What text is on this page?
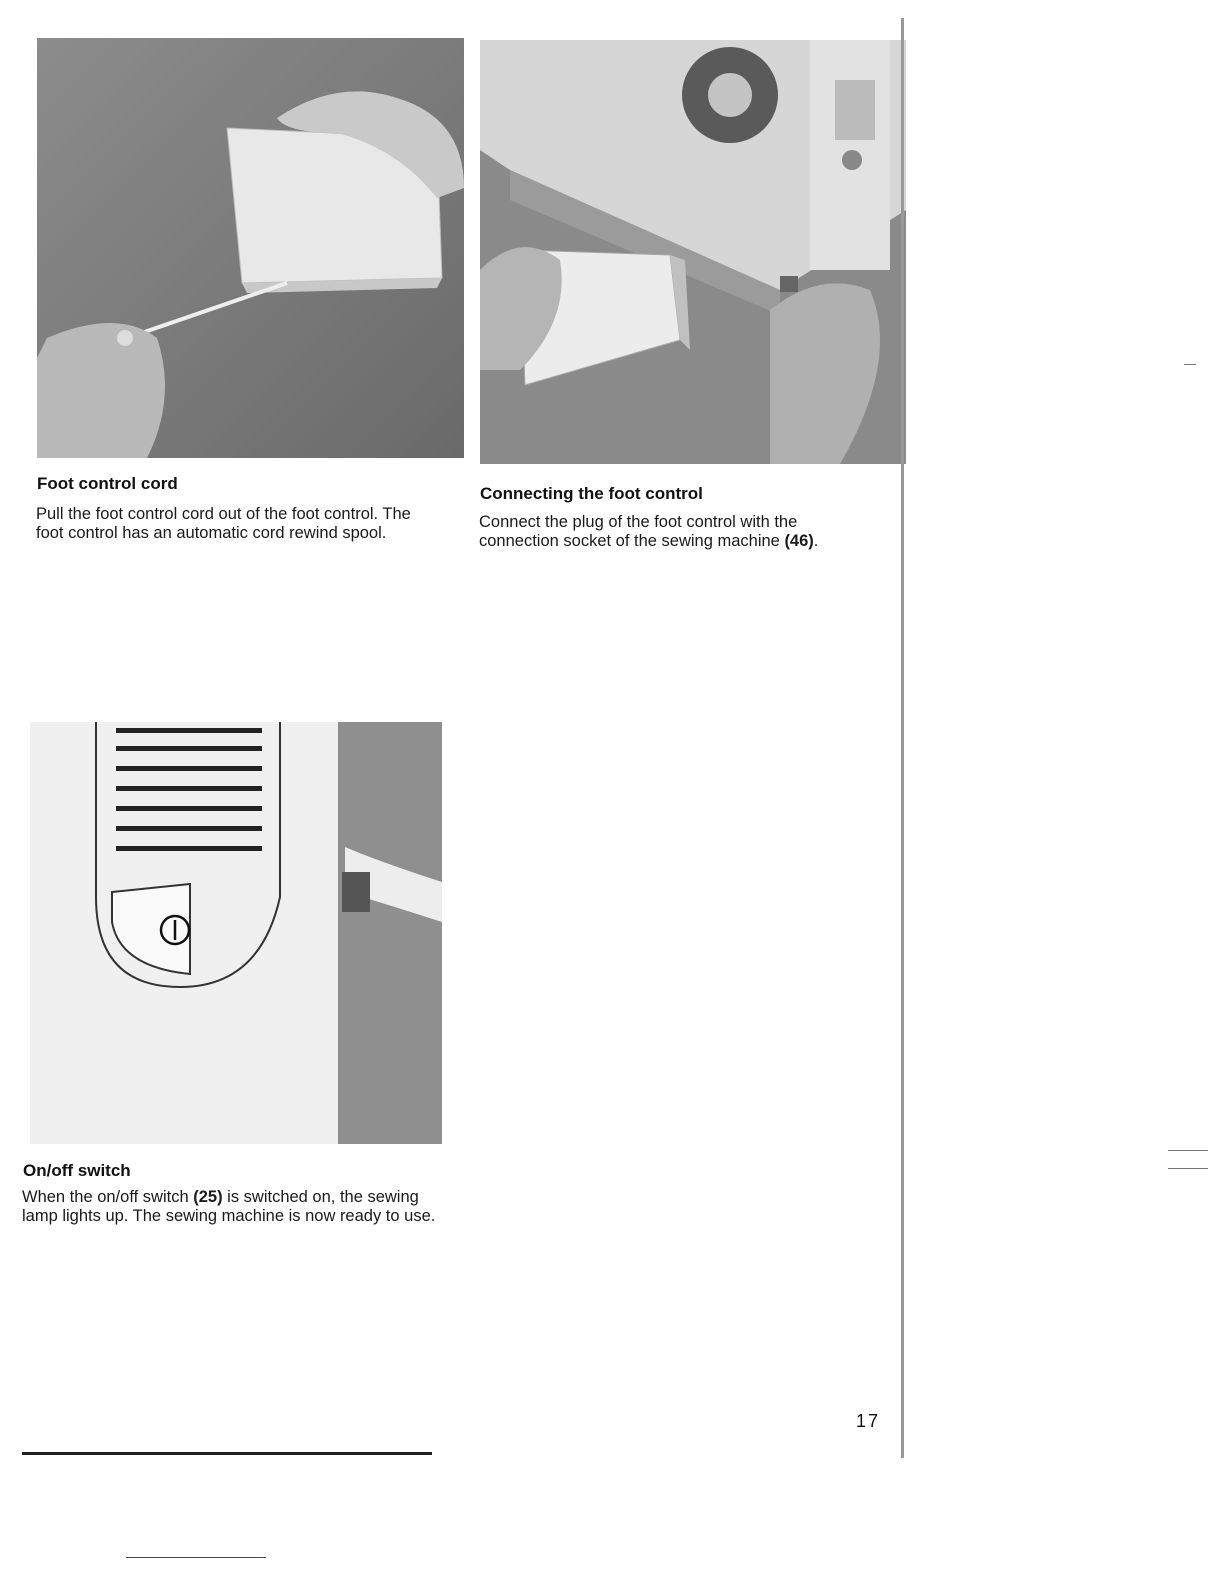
Foot control cord
Pull the foot control cord out of the foot control. The foot control has an automatic cord rewind spool.
Connecting the foot control
Connect the plug of the foot control with the connection socket of the sewing machine (46).
On/off switch
When the on/off switch (25) is switched on, the sewing lamp lights up. The sewing machine is now ready to use.
17
